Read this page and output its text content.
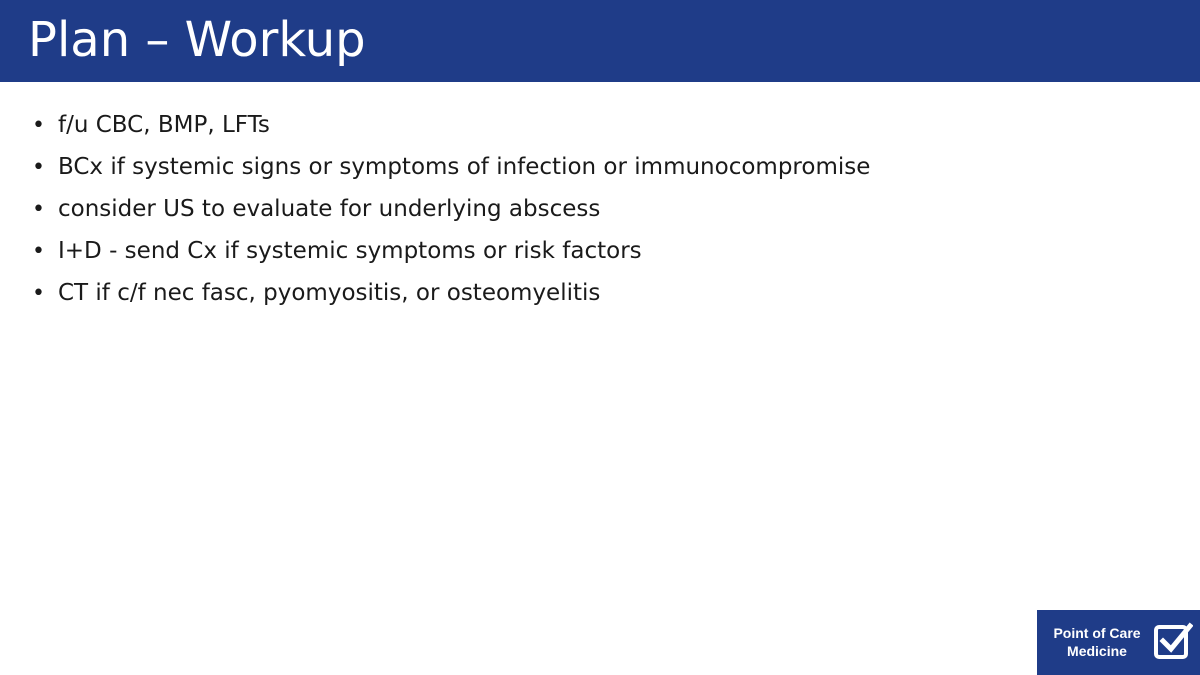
Plan – Workup
• f/u CBC, BMP, LFTs
• BCx if systemic signs or symptoms of infection or immunocompromise
• consider US to evaluate for underlying abscess
• I+D - send Cx if systemic symptoms or risk factors
• CT if c/f nec fasc, pyomyositis, or osteomyelitis
Point of Care
Medicine
